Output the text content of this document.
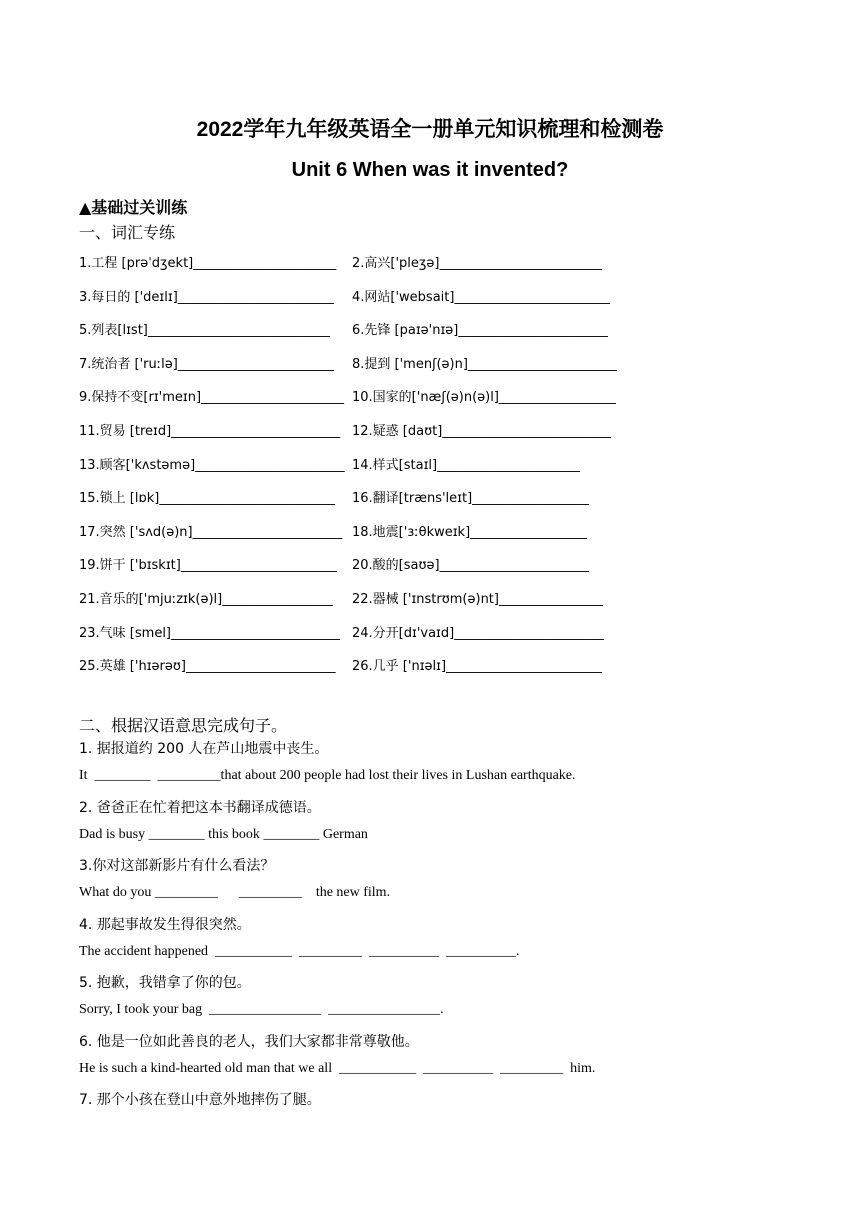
2022学年九年级英语全一册单元知识梳理和检测卷
Unit 6 When was it invented?
▲基础过关训练
一、词汇专练
1.工程 [prəˈdʒekt]______________________ 2.高兴['pleʒə]_________________________
3.每日的 ['deɪlɪ]________________________ 4.网站['websait]________________________
5.列表[lɪst]____________________________ 6.先锋 [paɪə'nɪə]_______________________
7.统治者 ['ruːlə]________________________ 8.提到 ['menʃ(ə)n]_______________________
9.保持不变[rɪ'meɪn]______________________ 10.国家的['næʃ(ə)n(ə)l]__________________
11.贸易 [treɪd]__________________________ 12.疑惑 [daʊt]__________________________
13.顾客['kʌstəmə]_______________________ 14.样式[staɪl]______________________
15.锁上 [lɒk]___________________________ 16.翻译[træns'leɪt]__________________
17.突然 ['sʌd(ə)n]_______________________ 18.地震['ɜːθkweɪk]__________________
19.饼干 ['bɪskɪt]________________________ 20.酸的[saʊə]_______________________
21.音乐的['mjuːzɪk(ə)l]_________________ 22.器械 ['ɪnstrʊm(ə)nt]________________
23.气味 [smel]__________________________ 24.分开[dɪ'vaɪd]_______________________
25.英雄 ['hɪərəʊ]_______________________ 26.几乎 ['nɪəlɪ]________________________
二、根据汉语意思完成句子。
1. 据报道约 200 人在芦山地震中丧生。
It  ________  _________that about 200 people had lost their lives in Lushan earthquake.
2. 爸爸正在忙着把这本书翻译成德语。
Dad is busy ________ this book ________ German
3.你对这部新影片有什么看法？
What do you _________      _________    the new film.
4. 那起事故发生得很突然。
The accident happened  ___________  _________  __________  __________.
5. 抱歉，我错拿了你的包。
Sorry, I took your bag  ________________  ________________.
6. 他是一位如此善良的老人，我们大家都非常尊敬他。
He is such a kind-hearted old man that we all  ___________  __________  _________  him.
7. 那个小孩在登山中意外地摔伤了腿。
